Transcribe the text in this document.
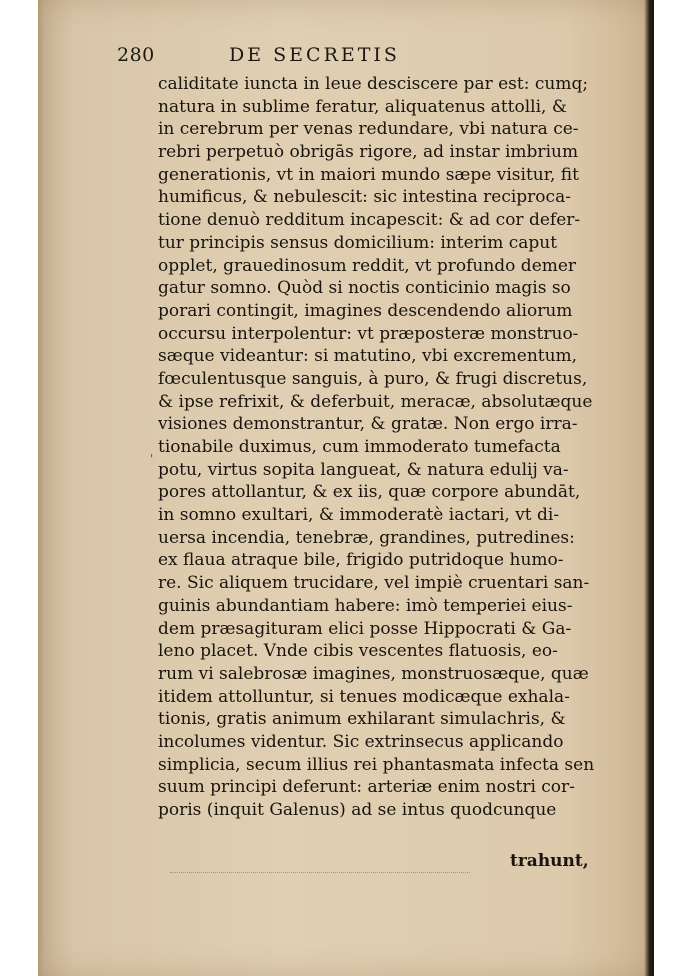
280	DE SECRETIS
'
caliditate iuncta in leue desciscere par est: cumq;
natura in sublime feratur, aliquatenus attolli, &
in cerebrum per venas redundare, vbi natura ce-
rebri perpetuò obrigās rigore, ad instar imbrium
generationis, vt in maiori mundo sæpe visitur, fit
humificus, & nebulescit: sic intestina reciproca-
tione denuò redditum incapescit: & ad cor defer-
tur principis sensus domicilium: interim caput
opplet, grauedinosum reddit, vt profundo demer
gatur somno. Quòd si noctis conticinio magis so
porari contingit, imagines descendendo aliorum
occursu interpolentur: vt præposteræ monstruo-
sæque videantur: si matutino, vbi excrementum,
fœculentusque sanguis, à puro, & frugi discretus,
& ipse refrixit, & deferbuit, meracæ, absolutæque
visiones demonstrantur, & gratæ. Non ergo irra-
tionabile duximus, cum immoderato tumefacta
potu, virtus sopita langueat, & natura edulij va-
pores attollantur, & ex iis, quæ corpore abundāt,
in somno exultari, & immoderatè iactari, vt di-
uersa incendia, tenebræ, grandines, putredines:
ex flaua atraque bile, frigido putridoque humo-
re. Sic aliquem trucidare, vel impiè cruentari san-
guinis abundantiam habere: imò temperiei eius-
dem præsagituram elici posse Hippocrati & Ga-
leno placet. Vnde cibis vescentes flatuosis, eo-
rum vi salebrosæ imagines, monstruosæque, quæ
itidem attolluntur, si tenues modicæque exhala-
tionis, gratis animum exhilarant simulachris, &
incolumes videntur. Sic extrinsecus applicando
simplicia, secum illius rei phantasmata infecta sen
suum principi deferunt: arteriæ enim nostri cor-
poris (inquit Galenus) ad se intus quodcunque
trahunt,
